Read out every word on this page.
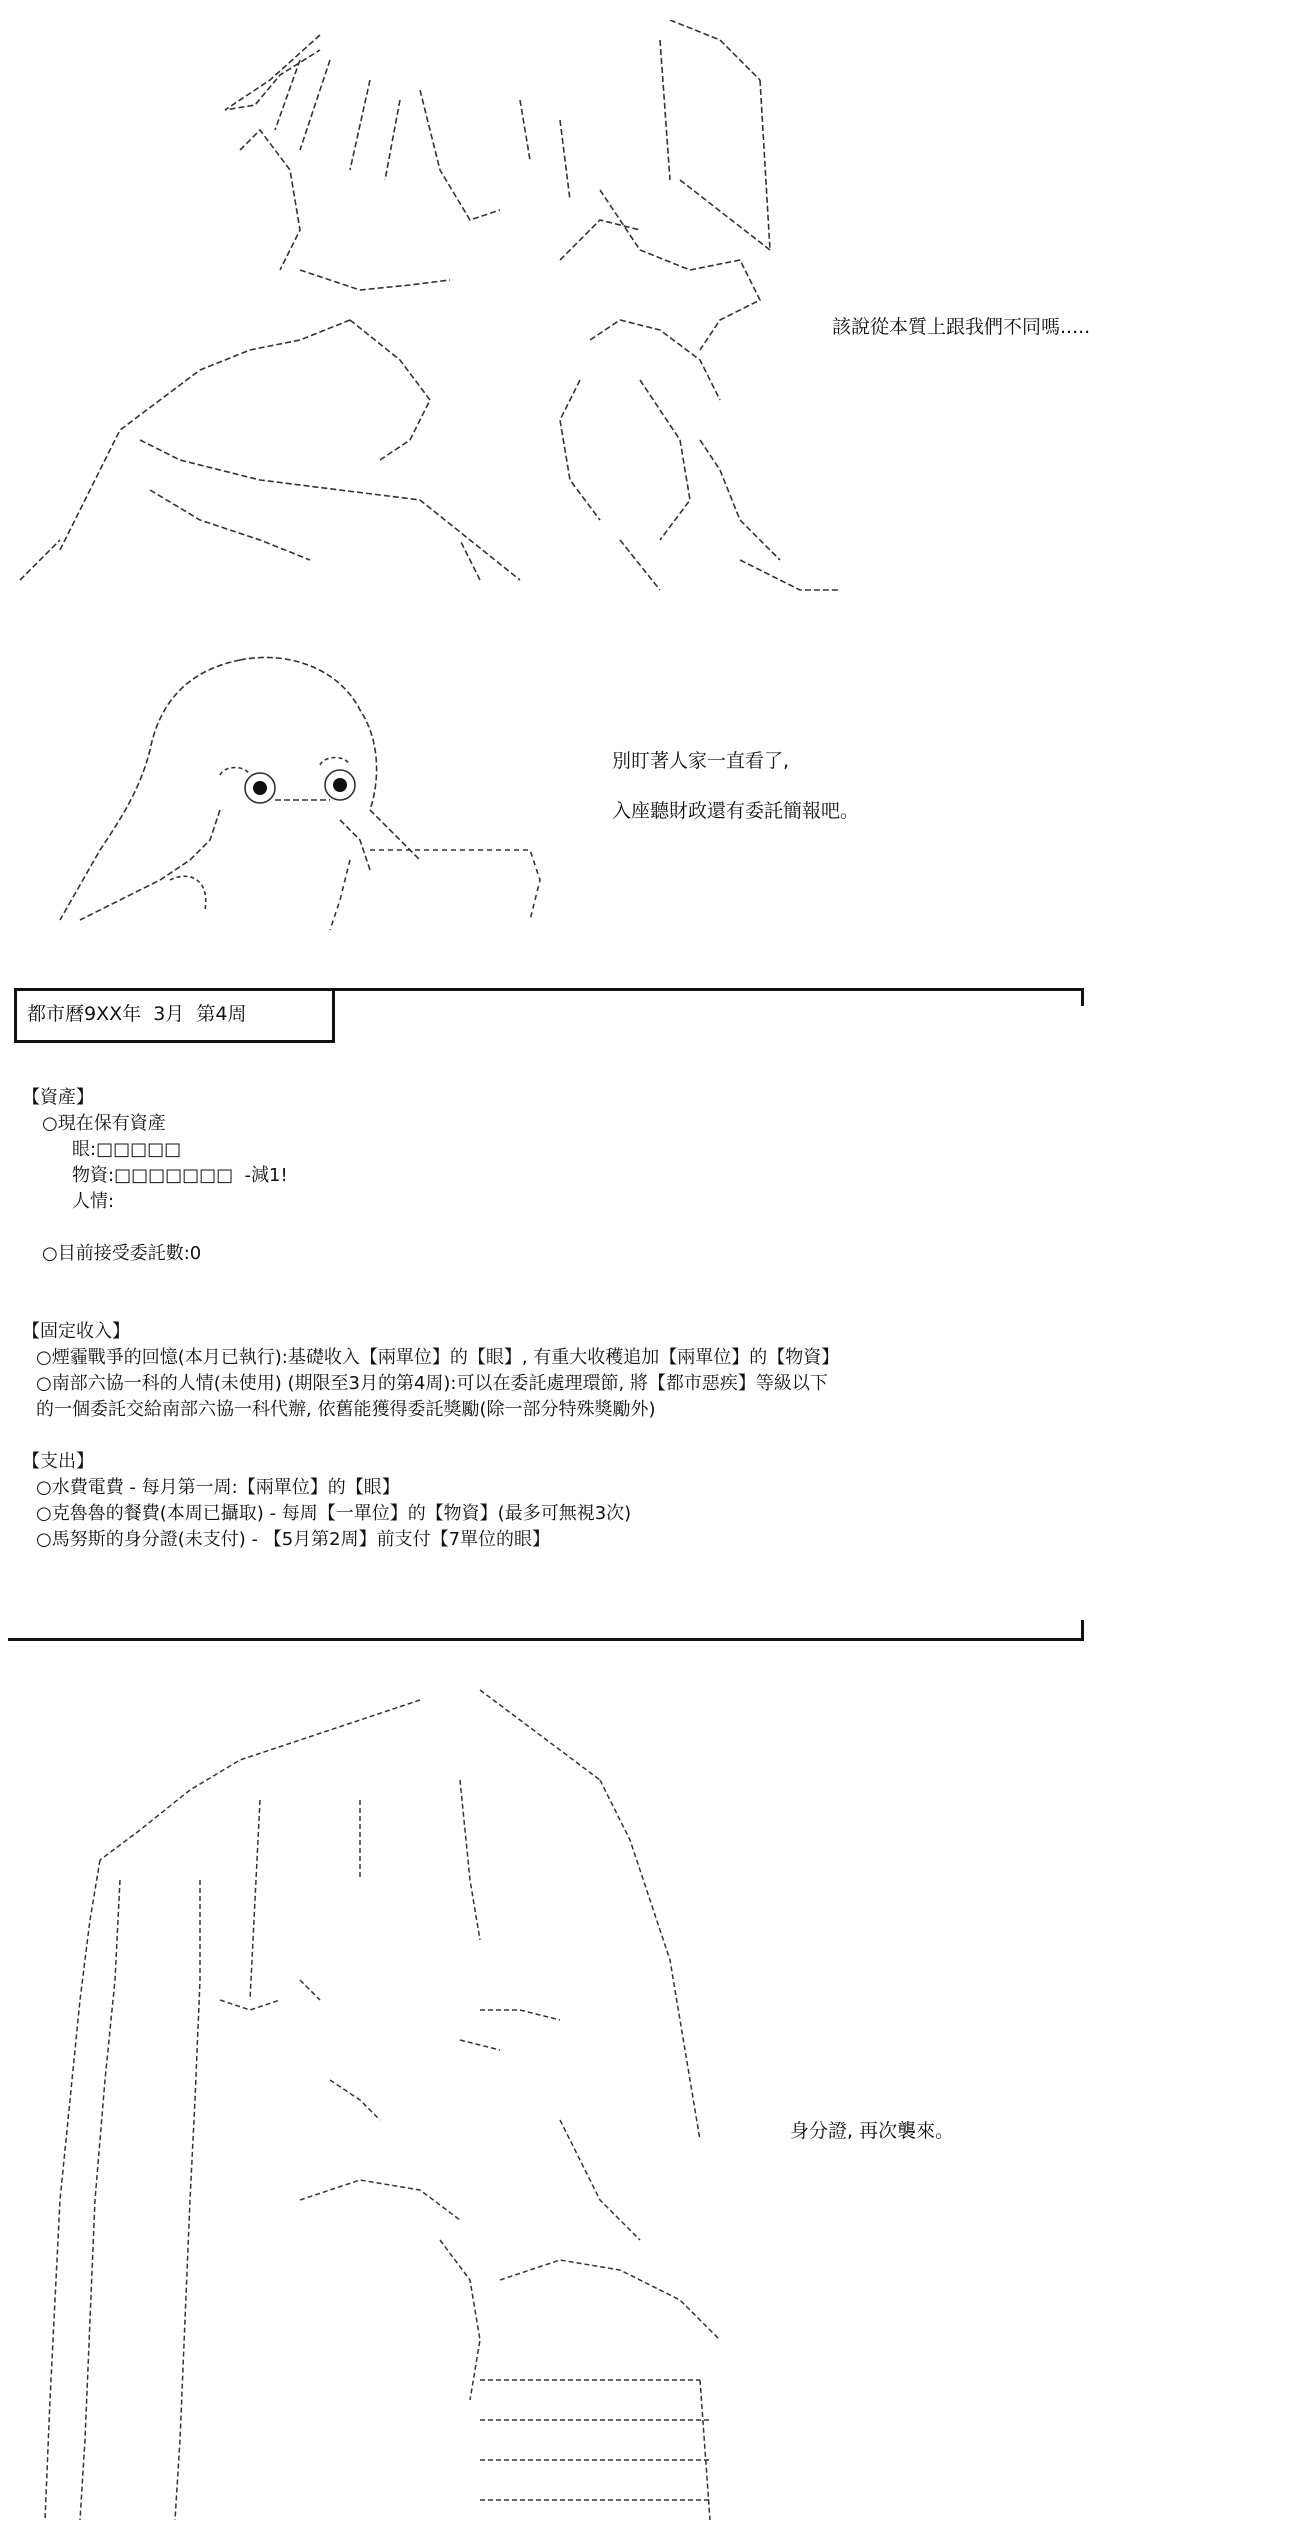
該說從本質上跟我們不同嗎.....
別盯著人家一直看了,
入座聽財政還有委託簡報吧。
都市曆9XX年  3月  第4周
【資產】
○現在保有資產
眼:□□□□□
物資:□□□□□□□  -減1!
人情:
○目前接受委託數:0
【固定收入】
○煙霾戰爭的回憶(本月已執行):基礎收入【兩單位】的【眼】, 有重大收穫追加【兩單位】的【物資】
○南部六協一科的人情(未使用) (期限至3月的第4周):可以在委託處理環節, 將【都市惡疾】等級以下
的一個委託交給南部六協一科代辦, 依舊能獲得委託獎勵(除一部分特殊獎勵外)
【支出】
○水費電費 - 每月第一周:【兩單位】的【眼】
○克魯魯的餐費(本周已攝取) - 每周【一單位】的【物資】(最多可無視3次)
○馬努斯的身分證(未支付) - 【5月第2周】前支付【7單位的眼】
身分證, 再次襲來。
